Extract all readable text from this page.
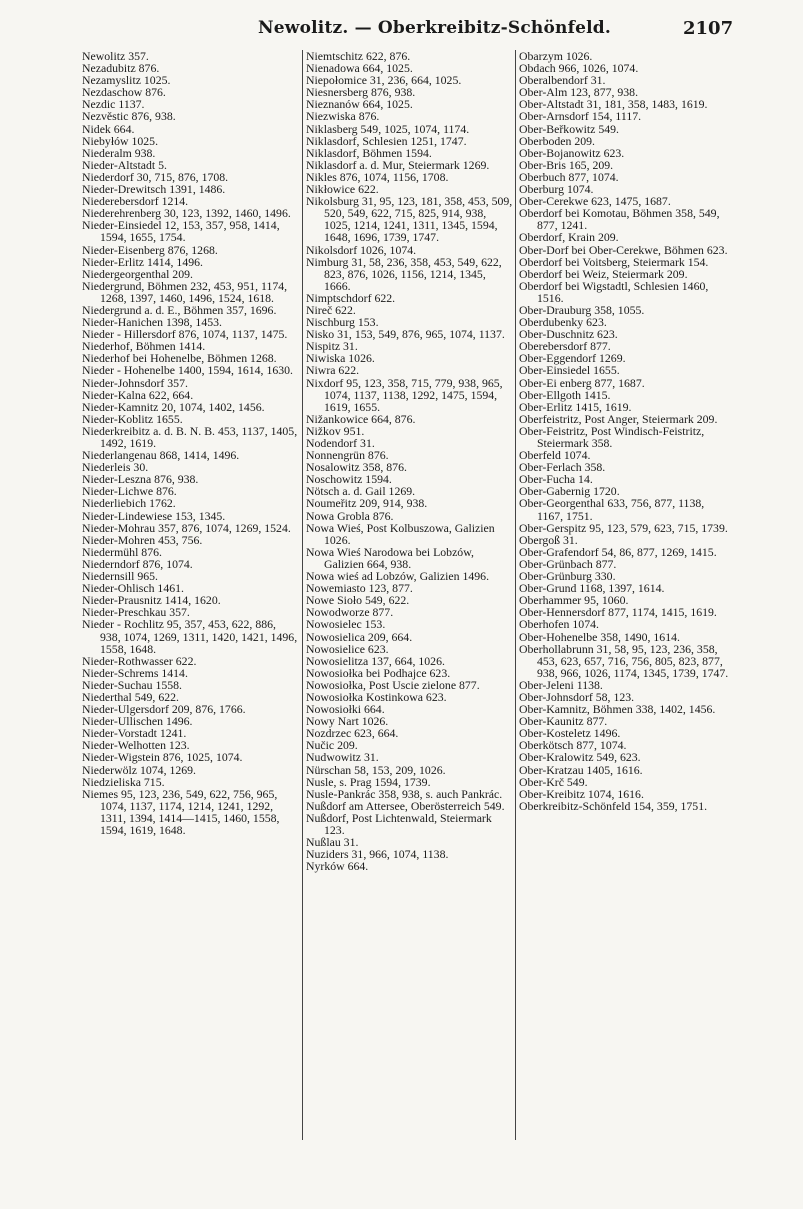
Newolitz. — Oberkreibitz-Schönfeld.	2107
Newolitz 357.
Nezadubitz 876.
Nezamyslitz 1025.
Nezdaschow 876.
Nezdic 1137.
Nezvěstic 876, 938.
Nidek 664.
Niebyłów 1025.
Niederalm 938.
Nieder-Altstadt 5.
Niederdorf 30, 715, 876, 1708.
Nieder-Drewitsch 1391, 1486.
Niederebersdorf 1214.
Niederehrenberg 30, 123, 1392, 1460, 1496.
Nieder-Einsiedel 12, 153, 357, 958, 1414, 1594, 1655, 1754.
Nieder-Eisenberg 876, 1268.
Nieder-Erlitz 1414, 1496.
Niedergeorgenthal 209.
Niedergrund, Böhmen 232, 453, 951, 1174, 1268, 1397, 1460, 1496, 1524, 1618.
Niedergrund a. d. E., Böhmen 357, 1696.
Nieder-Hanichen 1398, 1453.
Nieder - Hillersdorf 876, 1074, 1137, 1475.
Niederhof, Böhmen 1414.
Niederhof bei Hohenelbe, Böhmen 1268.
Nieder - Hohenelbe 1400, 1594, 1614, 1630.
Nieder-Johnsdorf 357.
Nieder-Kalna 622, 664.
Nieder-Kamnitz 20, 1074, 1402, 1456.
Nieder-Koblitz 1655.
Niederkreibitz a. d. B. N. B. 453, 1137, 1405, 1492, 1619.
Niederlangenau 868, 1414, 1496.
Niederleis 30.
Nieder-Leszna 876, 938.
Nieder-Lichwe 876.
Niederliebich 1762.
Nieder-Lindewiese 153, 1345.
Nieder-Mohrau 357, 876, 1074, 1269, 1524.
Nieder-Mohren 453, 756.
Niedermühl 876.
Niederndorf 876, 1074.
Niedernsill 965.
Nieder-Ohlisch 1461.
Nieder-Prausnitz 1414, 1620.
Nieder-Preschkau 357.
Nieder - Rochlitz 95, 357, 453, 622, 886, 938, 1074, 1269, 1311, 1420, 1421, 1496, 1558, 1648.
Nieder-Rothwasser 622.
Nieder-Schrems 1414.
Nieder-Suchau 1558.
Niederthal 549, 622.
Nieder-Ulgersdorf 209, 876, 1766.
Nieder-Ullischen 1496.
Nieder-Vorstadt 1241.
Nieder-Welhotten 123.
Nieder-Wigstein 876, 1025, 1074.
Niederwölz 1074, 1269.
Niedzieliska 715.
Niemes 95, 123, 236, 549, 622, 756, 965, 1074, 1137, 1174, 1214, 1241, 1292, 1311, 1394, 1414—1415, 1460, 1558, 1594, 1619, 1648.
Niemtschitz 622, 876.
Nienadowa 664, 1025.
Niepołomice 31, 236, 664, 1025.
Niesnersberg 876, 938.
Nieznanów 664, 1025.
Niezwiska 876.
Niklasberg 549, 1025, 1074, 1174.
Niklasdorf, Schlesien 1251, 1747.
Niklasdorf, Böhmen 1594.
Niklasdorf a. d. Mur, Steiermark 1269.
Nikles 876, 1074, 1156, 1708.
Nikłowice 622.
Nikolsburg 31, 95, 123, 181, 358, 453, 509, 520, 549, 622, 715, 825, 914, 938, 1025, 1214, 1241, 1311, 1345, 1594, 1648, 1696, 1739, 1747.
Nikolsdorf 1026, 1074.
Nimburg 31, 58, 236, 358, 453, 549, 622, 823, 876, 1026, 1156, 1214, 1345, 1666.
Nimptschdorf 622.
Nireč 622.
Nischburg 153.
Nisko 31, 153, 549, 876, 965, 1074, 1137.
Nispitz 31.
Niwiska 1026.
Niwra 622.
Nixdorf 95, 123, 358, 715, 779, 938, 965, 1074, 1137, 1138, 1292, 1475, 1594, 1619, 1655.
Nižankowice 664, 876.
Nižkov 951.
Nodendorf 31.
Nonnengrün 876.
Nosalowitz 358, 876.
Noschowitz 1594.
Nötsch a. d. Gail 1269.
Noumeřitz 209, 914, 938.
Nowa Grobla 876.
Nowa Wieś, Post Kolbuszowa, Galizien 1026.
Nowa Wieś Narodowa bei Lobzów, Galizien 664, 938.
Nowa wieś ad Lobzów, Galizien 1496.
Nowemiasto 123, 877.
Nowe Sioło 549, 622.
Nowodworze 877.
Nowosielec 153.
Nowosielica 209, 664.
Nowosielice 623.
Nowosielitza 137, 664, 1026.
Nowosiołka bei Podhajce 623.
Nowosiołka, Post Uscie zielone 877.
Nowosiołka Kostinkowa 623.
Nowosiołki 664.
Nowy Nart 1026.
Nozdrzec 623, 664.
Nučic 209.
Nudwowitz 31.
Nürschan 58, 153, 209, 1026.
Nusle, s. Prag 1594, 1739.
Nusle-Pankrác 358, 938, s. auch Pankrác.
Nußdorf am Attersee, Oberösterreich 549.
Nußdorf, Post Lichtenwald, Steiermark 123.
Nußlau 31.
Nuziders 31, 966, 1074, 1138.
Nyrków 664.
Obarzym 1026.
Obdach 966, 1026, 1074.
Oberalbendorf 31.
Ober-Alm 123, 877, 938.
Ober-Altstadt 31, 181, 358, 1483, 1619.
Ober-Arnsdorf 154, 1117.
Ober-Beřkowitz 549.
Oberboden 209.
Ober-Bojanowitz 623.
Ober-Bris 165, 209.
Oberbuch 877, 1074.
Oberburg 1074.
Ober-Cerekwe 623, 1475, 1687.
Oberdorf bei Komotau, Böhmen 358, 549, 877, 1241.
Oberdorf, Krain 209.
Ober-Dorf bei Ober-Cerekwe, Böhmen 623.
Oberdorf bei Voitsberg, Steiermark 154.
Oberdorf bei Weiz, Steiermark 209.
Oberdorf bei Wigstadtl, Schlesien 1460, 1516.
Ober-Drauburg 358, 1055.
Oberdubenky 623.
Ober-Duschnitz 623.
Oberebersdorf 877.
Ober-Eggendorf 1269.
Ober-Einsiedel 1655.
Ober-Ei enberg 877, 1687.
Ober-Ellgoth 1415.
Ober-Erlitz 1415, 1619.
Oberfeistritz, Post Anger, Steiermark 209.
Ober-Feistritz, Post Windisch-Feistritz, Steiermark 358.
Oberfeld 1074.
Ober-Ferlach 358.
Ober-Fucha 14.
Ober-Gabernig 1720.
Ober-Georgenthal 633, 756, 877, 1138, 1167, 1751.
Ober-Gerspitz 95, 123, 579, 623, 715, 1739.
Obergoß 31.
Ober-Grafendorf 54, 86, 877, 1269, 1415.
Ober-Grünbach 877.
Ober-Grünburg 330.
Ober-Grund 1168, 1397, 1614.
Oberhammer 95, 1060.
Ober-Hennersdorf 877, 1174, 1415, 1619.
Oberhofen 1074.
Ober-Hohenelbe 358, 1490, 1614.
Oberhollabrunn 31, 58, 95, 123, 236, 358, 453, 623, 657, 716, 756, 805, 823, 877, 938, 966, 1026, 1174, 1345, 1739, 1747.
Ober-Jeleni 1138.
Ober-Johnsdorf 58, 123.
Ober-Kamnitz, Böhmen 338, 1402, 1456.
Ober-Kaunitz 877.
Ober-Kosteletz 1496.
Oberkötsch 877, 1074.
Ober-Kralowitz 549, 623.
Ober-Kratzau 1405, 1616.
Ober-Krč 549.
Ober-Kreibitz 1074, 1616.
Oberkreibitz-Schönfeld 154, 359, 1751.
